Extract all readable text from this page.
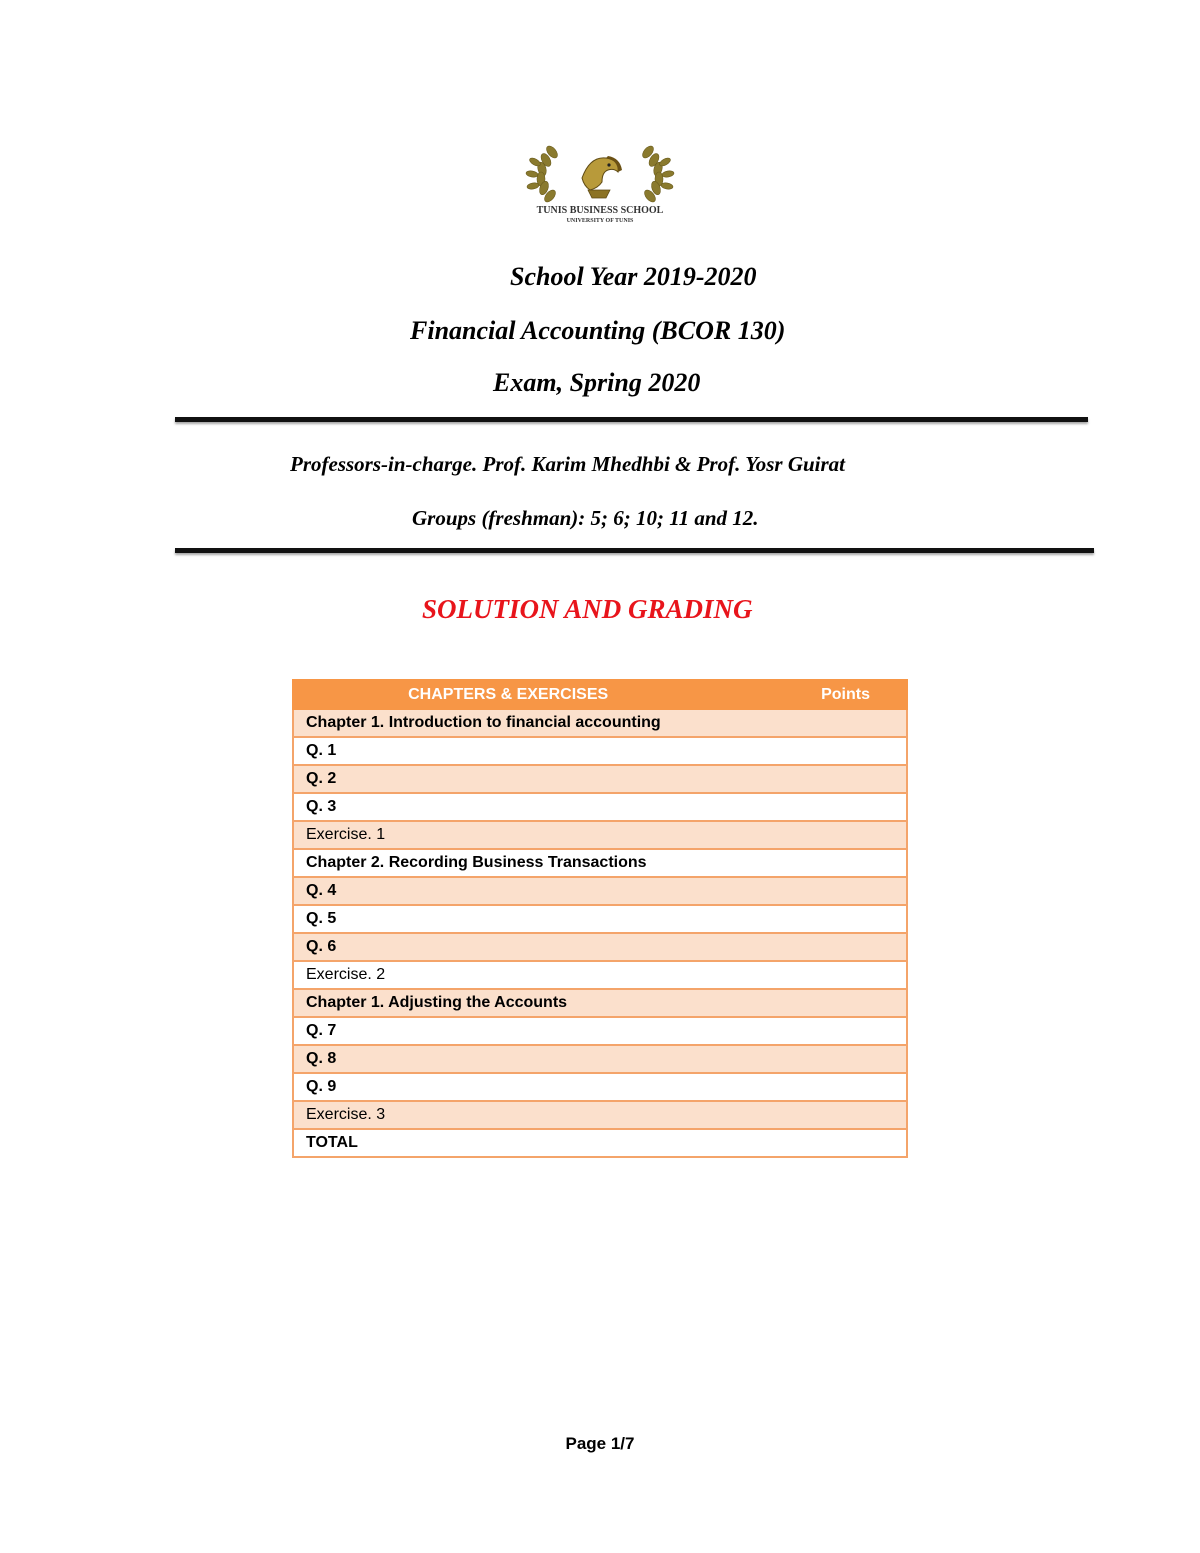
TUNIS BUSINESS SCHOOL
UNIVERSITY OF TUNIS
School Year 2019-2020
Financial Accounting (BCOR 130)
Exam, Spring 2020
Professors-in-charge. Prof. Karim Mhedhbi & Prof. Yosr Guirat
Groups (freshman): 5; 6; 10; 11 and 12.
SOLUTION AND GRADING
CHAPTERS & EXERCISES	Points
Chapter 1. Introduction to financial accounting	
Q. 1	
Q. 2	
Q. 3	
Exercise. 1	
Chapter 2. Recording Business Transactions	
Q. 4	
Q. 5	
Q. 6	
Exercise. 2	
Chapter 1. Adjusting the Accounts	
Q. 7	
Q. 8	
Q. 9	
Exercise. 3	
TOTAL	
Page 1/7
